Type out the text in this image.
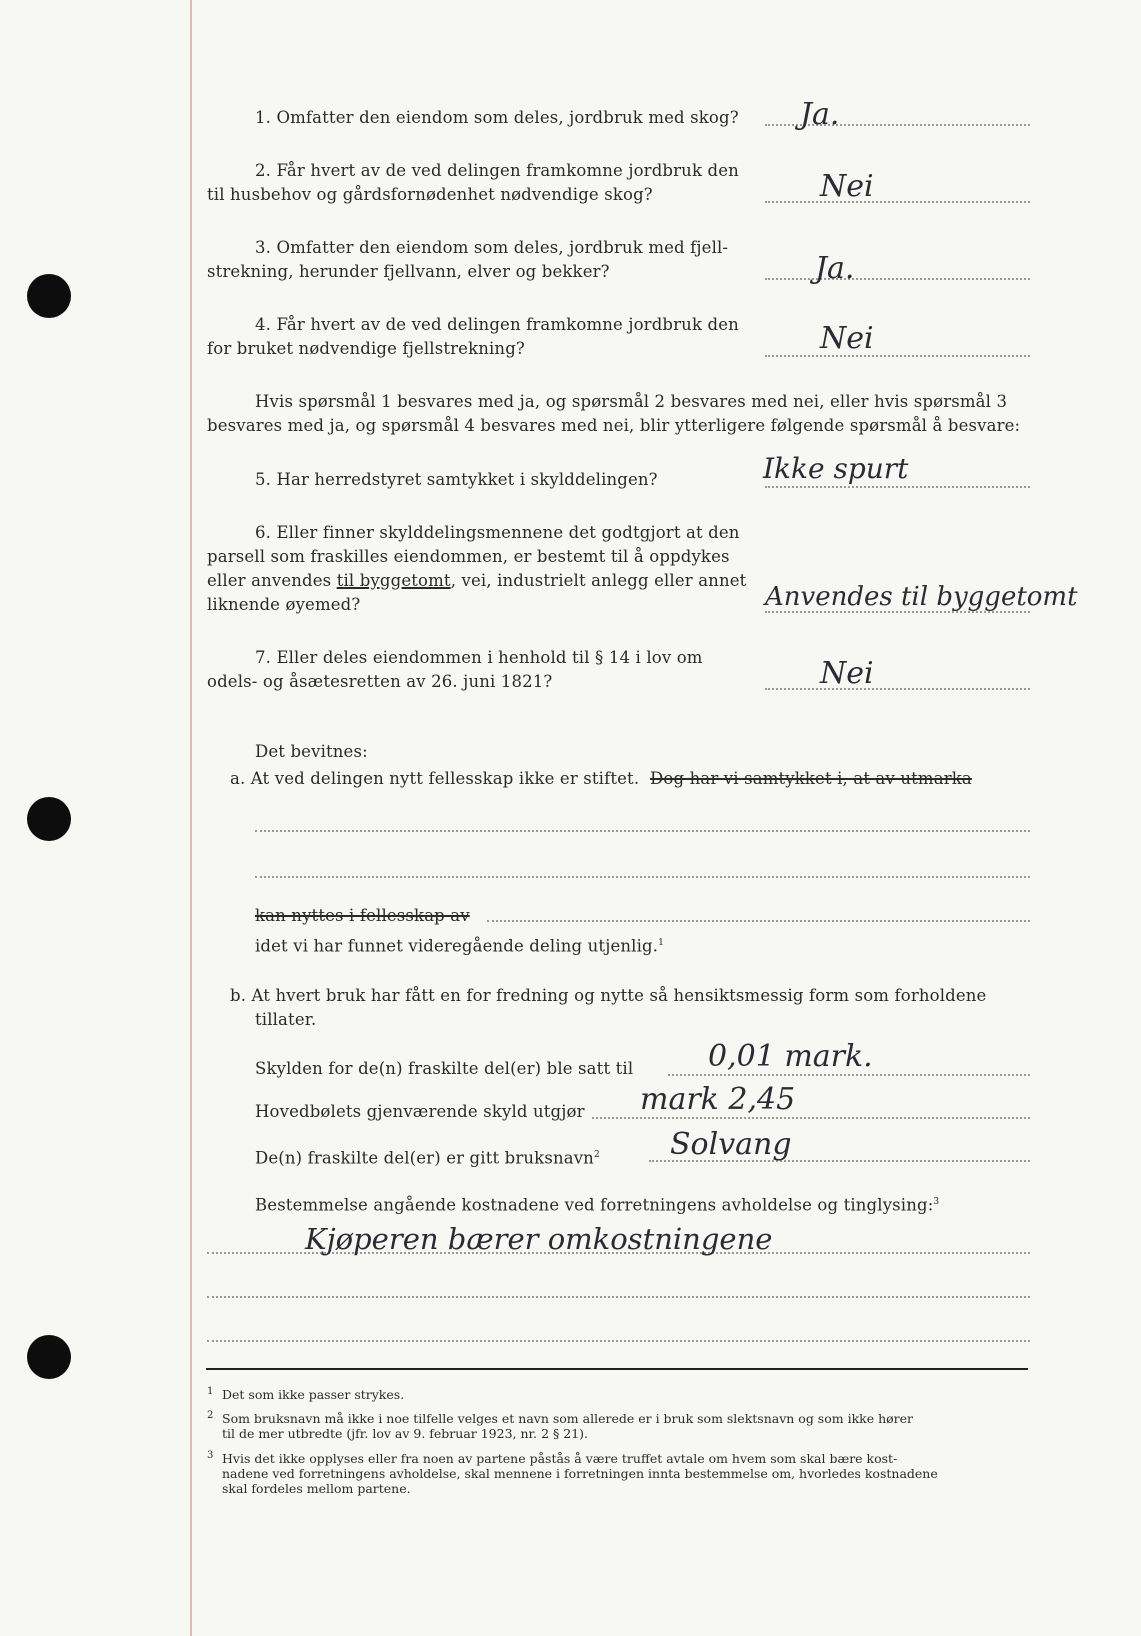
1. Omfatter den eiendom som deles, jordbruk med skog? Ja.
2. Får hvert av de ved delingen framkomne jordbruk den
til husbehov og gårdsfornødenhet nødvendige skog?	Nei
3. Omfatter den eiendom som deles, jordbruk med fjell-
strekning, herunder fjellvann, elver og bekker?	Ja.
4. Får hvert av de ved delingen framkomne jordbruk den
for bruket nødvendige fjellstrekning?	Nei
Hvis spørsmål 1 besvares med ja, og spørsmål 2 besvares med nei, eller hvis spørsmål 3
besvares med ja, og spørsmål 4 besvares med nei, blir ytterligere følgende spørsmål å besvare:
5. Har herredstyret samtykket i skylddelingen?	Ikke spurt
6. Eller finner skylddelingsmennene det godtgjort at den
parsell som fraskilles eiendommen, er bestemt til å oppdykes
eller anvendes til byggetomt, vei, industrielt anlegg eller annet
liknende øyemed?	Anvendes til byggetomt
7. Eller deles eiendommen i henhold til § 14 i lov om
odels- og åsætesretten av 26. juni 1821?	Nei
Det bevitnes:
a. At ved delingen nytt fellesskap ikke er stiftet. Dog har vi samtykket i, at av utmarka
kan nyttes i fellesskap av
idet vi har funnet videregående deling utjenlig.$^1$
b. At hvert bruk har fått en for fredning og nytte så hensiktsmessig form som forholdene
tillater.
Skylden for de(n) fraskilte del(er) ble satt til 0,01 mark.
Hovedbølets gjenværende skyld utgjør mark 2,45
De(n) fraskilte del(er) er gitt bruksnavn$^2$ Solvang
Bestemmelse angående kostnadene ved forretningens avholdelse og tinglysing:$^3$
Kjøperen bærer omkostningene
1 Det som ikke passer strykes.
2 Som bruksnavn må ikke i noe tilfelle velges et navn som allerede er i bruk som slektsnavn og som ikke hører
til de mer utbredte (jfr. lov av 9. februar 1923, nr. 2 § 21).
3 Hvis det ikke opplyses eller fra noen av partene påstås å være truffet avtale om hvem som skal bære kost-
nadene ved forretningens avholdelse, skal mennene i forretningen innta bestemmelse om, hvorledes kostnadene
skal fordeles mellom partene.
